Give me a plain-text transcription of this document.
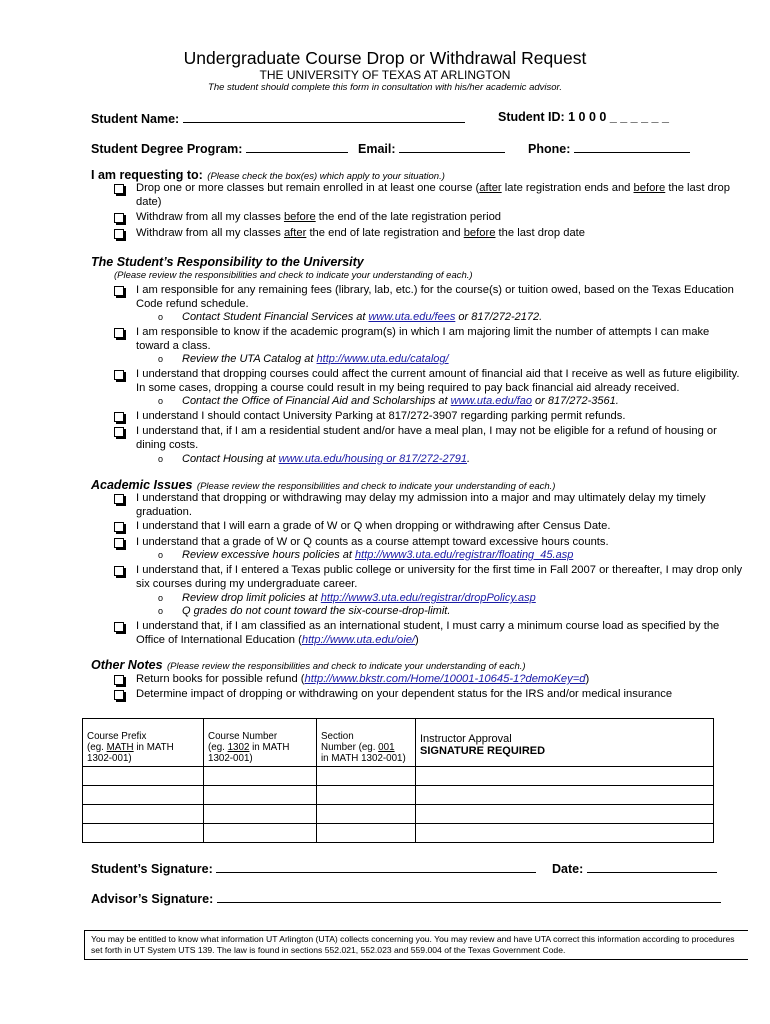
Undergraduate Course Drop or Withdrawal Request
THE UNIVERSITY OF TEXAS AT ARLINGTON
The student should complete this form in consultation with his/her academic advisor.
Student Name:	Student ID: 1 0 0 0 _ _ _ _ _ _
Student Degree Program:	Email:	Phone:
I am requesting to: (Please check the box(es) which apply to your situation.)
Drop one or more classes but remain enrolled in at least one course (after late registration ends and before the last drop
date)
Withdraw from all my classes before the end of the late registration period
Withdraw from all my classes after the end of late registration and before the last drop date
The Student’s Responsibility to the University
(Please review the responsibilities and check to indicate your understanding of each.)
I am responsible for any remaining fees (library, lab, etc.) for the course(s) or tuition owed, based on the Texas Education
Code refund schedule.
o Contact Student Financial Services at www.uta.edu/fees or 817/272-2172.
I am responsible to know if the academic program(s) in which I am majoring limit the number of attempts I can make
toward a class.
o Review the UTA Catalog at http://www.uta.edu/catalog/
I understand that dropping courses could affect the current amount of financial aid that I receive as well as future eligibility.
In some cases, dropping a course could result in my being required to pay back financial aid already received.
o Contact the Office of Financial Aid and Scholarships at www.uta.edu/fao or 817/272-3561.
I understand I should contact University Parking at 817/272-3907 regarding parking permit refunds.
I understand that, if I am a residential student and/or have a meal plan, I may not be eligible for a refund of housing or
dining costs.
o Contact Housing at www.uta.edu/housing or 817/272-2791.
Academic Issues (Please review the responsibilities and check to indicate your understanding of each.)
I understand that dropping or withdrawing may delay my admission into a major and may ultimately delay my timely
graduation.
I understand that I will earn a grade of W or Q when dropping or withdrawing after Census Date.
I understand that a grade of W or Q counts as a course attempt toward excessive hours counts.
o Review excessive hours policies at http://www3.uta.edu/registrar/floating_45.asp
I understand that, if I entered a Texas public college or university for the first time in Fall 2007 or thereafter, I may drop only
six courses during my undergraduate career.
o Review drop limit policies at http://www3.uta.edu/registrar/dropPolicy.asp
o Q grades do not count toward the six-course-drop-limit.
I understand that, if I am classified as an international student, I must carry a minimum course load as specified by the
Office of International Education (http://www.uta.edu/oie/)
Other Notes (Please review the responsibilities and check to indicate your understanding of each.)
Return books for possible refund (http://www.bkstr.com/Home/10001-10645-1?demoKey=d)
Determine impact of dropping or withdrawing on your dependent status for the IRS and/or medical insurance
Course Prefix
(eg. MATH in MATH
1302-001)	Course Number
(eg. 1302 in MATH
1302-001)	Section
Number (eg. 001
in MATH 1302-001)	Instructor Approval
SIGNATURE REQUIRED

Student’s Signature:	Date:
Advisor’s Signature:
You may be entitled to know what information UT Arlington (UTA) collects concerning you. You may review and have UTA correct this information according to procedures set forth in UT System UTS 139. The law is found in sections 552.021, 552.023 and 559.004 of the Texas Government Code.
